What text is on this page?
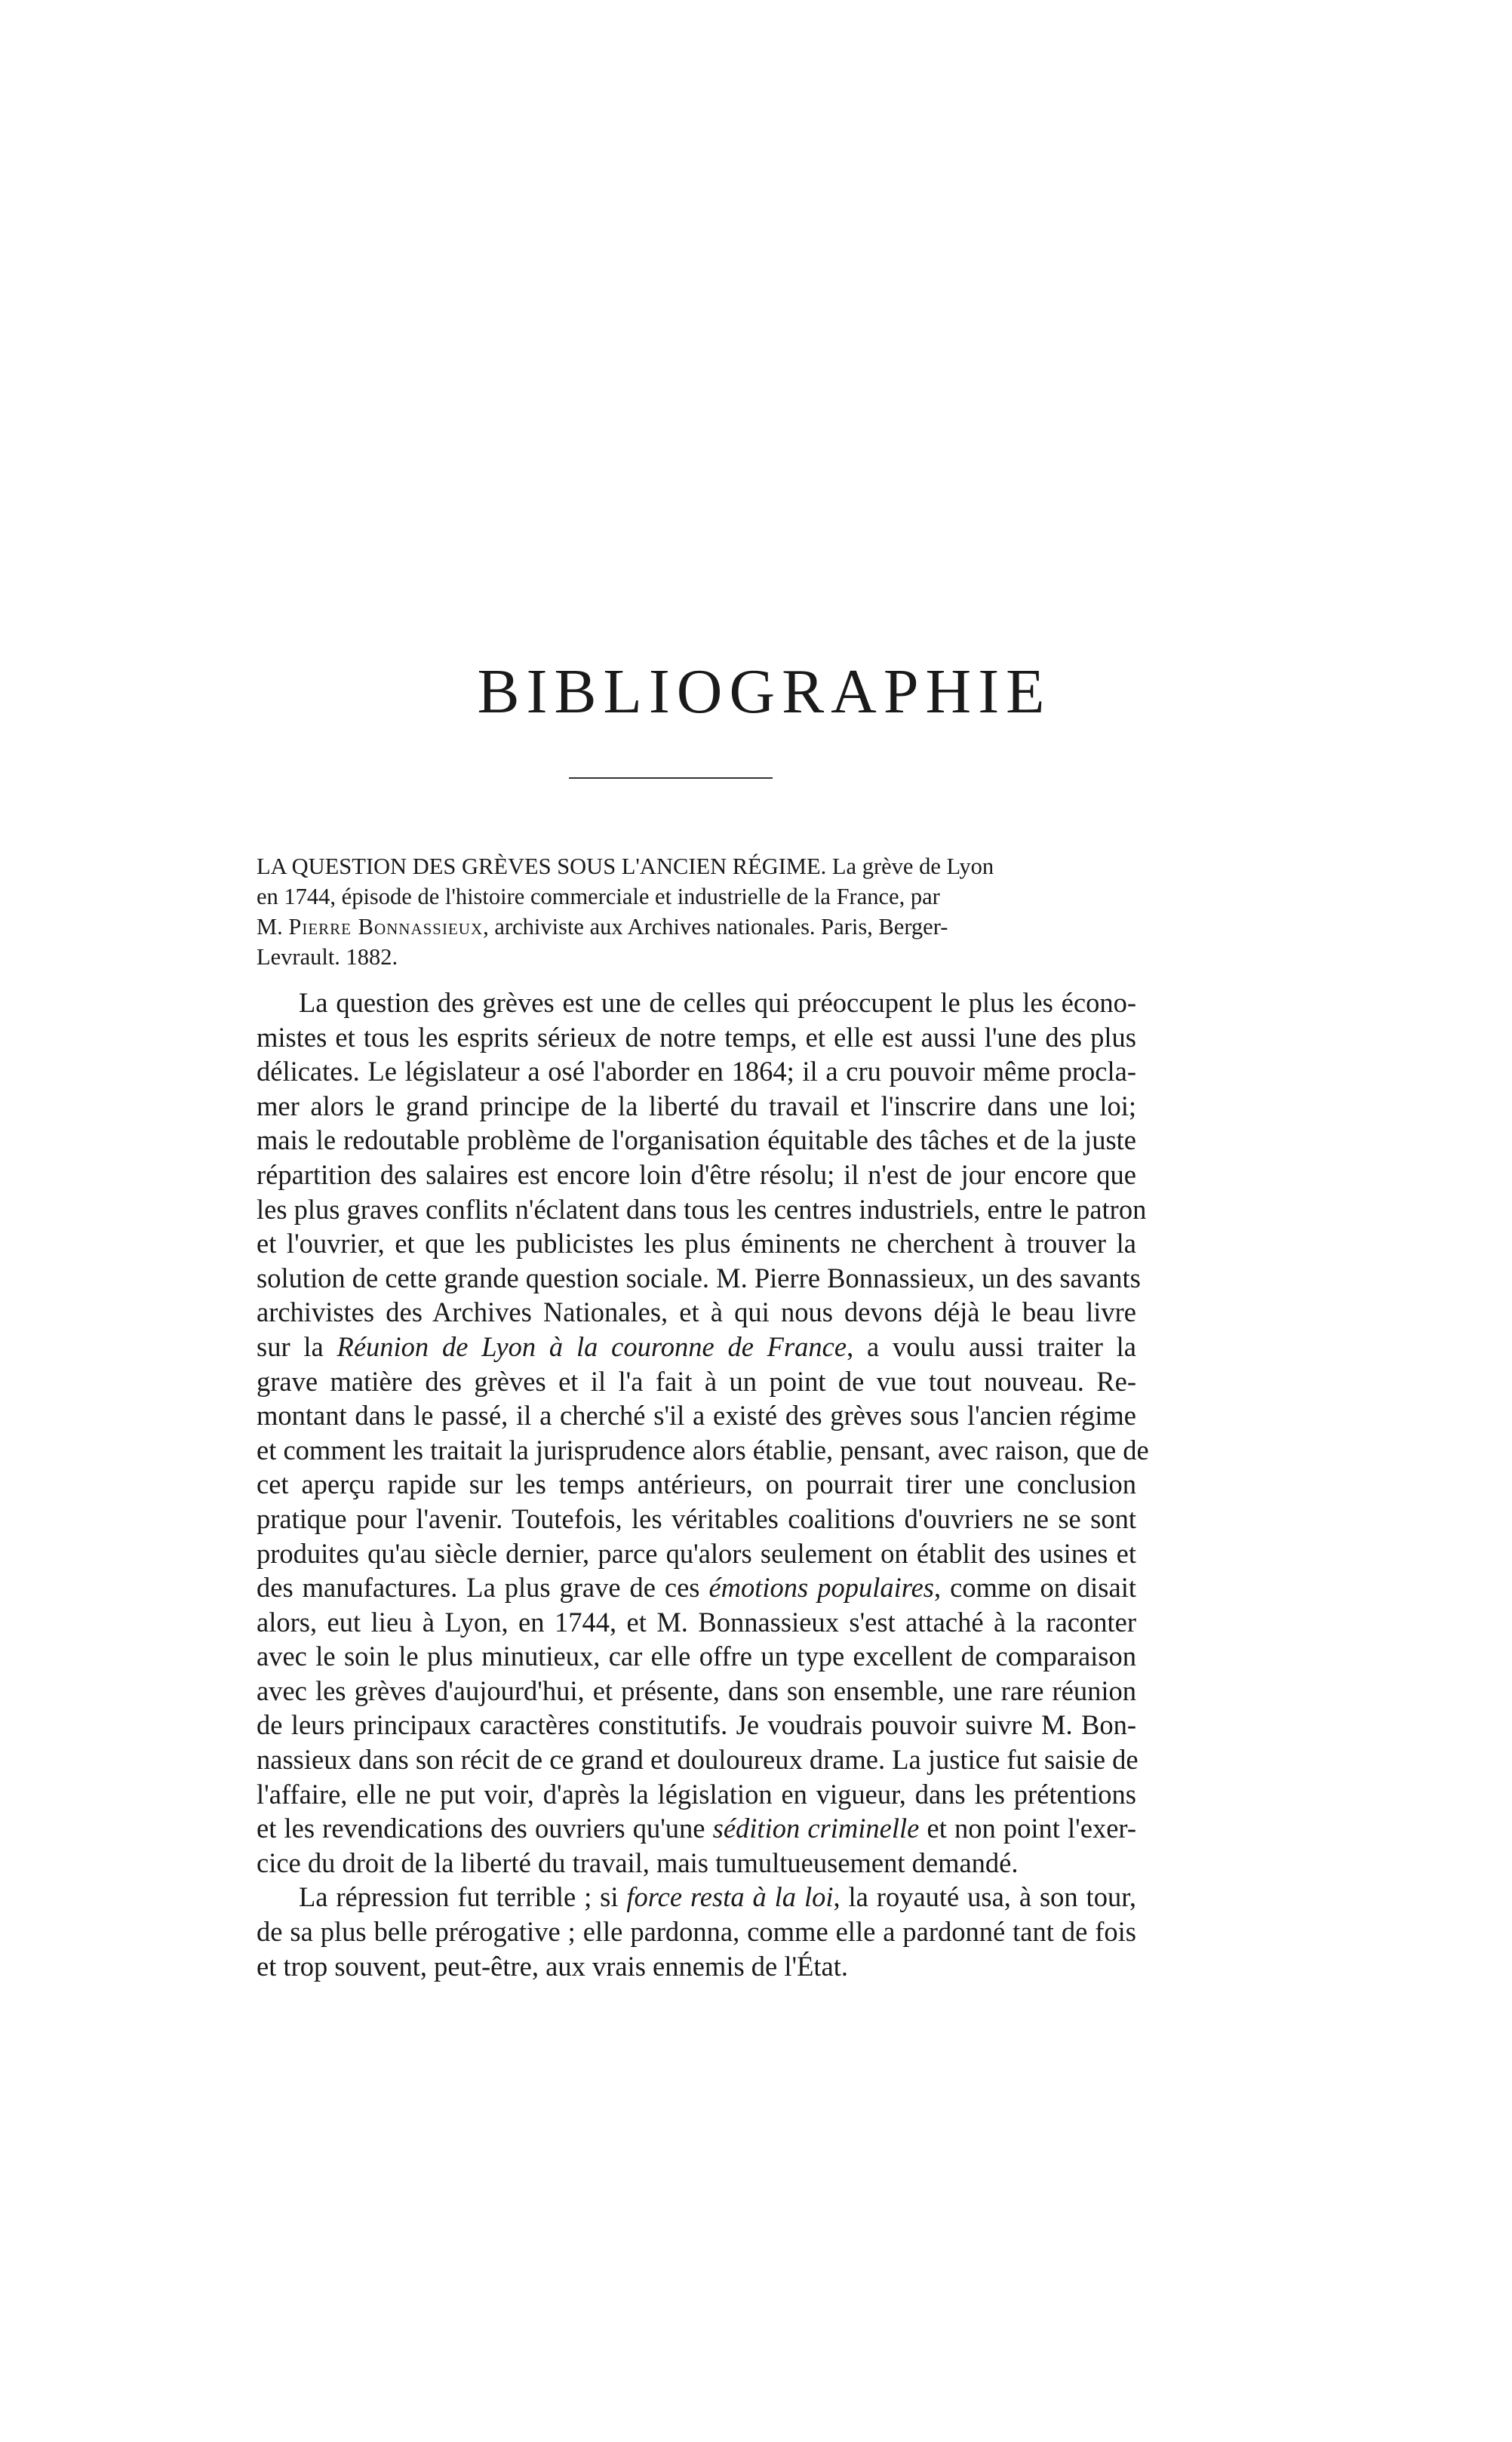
BIBLIOGRAPHIE
LA QUESTION DES GRÈVES SOUS L'ANCIEN RÉGIME. La grève de Lyon
en 1744, épisode de l'histoire commerciale et industrielle de la France, par
M. Pierre Bonnassieux, archiviste aux Archives nationales. Paris, Berger-
Levrault. 1882.

La question des grèves est une de celles qui préoccupent le plus les écono-
mistes et tous les esprits sérieux de notre temps, et elle est aussi l'une des plus
délicates. Le législateur a osé l'aborder en 1864; il a cru pouvoir même procla-
mer alors le grand principe de la liberté du travail et l'inscrire dans une loi;
mais le redoutable problème de l'organisation équitable des tâches et de la juste
répartition des salaires est encore loin d'être résolu; il n'est de jour encore que
les plus graves conflits n'éclatent dans tous les centres industriels, entre le patron
et l'ouvrier, et que les publicistes les plus éminents ne cherchent à trouver la
solution de cette grande question sociale. M. Pierre Bonnassieux, un des savants
archivistes des Archives Nationales, et à qui nous devons déjà le beau livre
sur la Réunion de Lyon à la couronne de France, a voulu aussi traiter la
grave matière des grèves et il l'a fait à un point de vue tout nouveau. Re-
montant dans le passé, il a cherché s'il a existé des grèves sous l'ancien régime
et comment les traitait la jurisprudence alors établie, pensant, avec raison, que de
cet aperçu rapide sur les temps antérieurs, on pourrait tirer une conclusion
pratique pour l'avenir. Toutefois, les véritables coalitions d'ouvriers ne se sont
produites qu'au siècle dernier, parce qu'alors seulement on établit des usines et
des manufactures. La plus grave de ces émotions populaires, comme on disait
alors, eut lieu à Lyon, en 1744, et M. Bonnassieux s'est attaché à la raconter
avec le soin le plus minutieux, car elle offre un type excellent de comparaison
avec les grèves d'aujourd'hui, et présente, dans son ensemble, une rare réunion
de leurs principaux caractères constitutifs. Je voudrais pouvoir suivre M. Bon-
nassieux dans son récit de ce grand et douloureux drame. La justice fut saisie de
l'affaire, elle ne put voir, d'après la législation en vigueur, dans les prétentions
et les revendications des ouvriers qu'une sédition criminelle et non point l'exer-
cice du droit de la liberté du travail, mais tumultueusement demandé.

La répression fut terrible ; si force resta à la loi, la royauté usa, à son tour,
de sa plus belle prérogative ; elle pardonna, comme elle a pardonné tant de fois
et trop souvent, peut-être, aux vrais ennemis de l'État.
